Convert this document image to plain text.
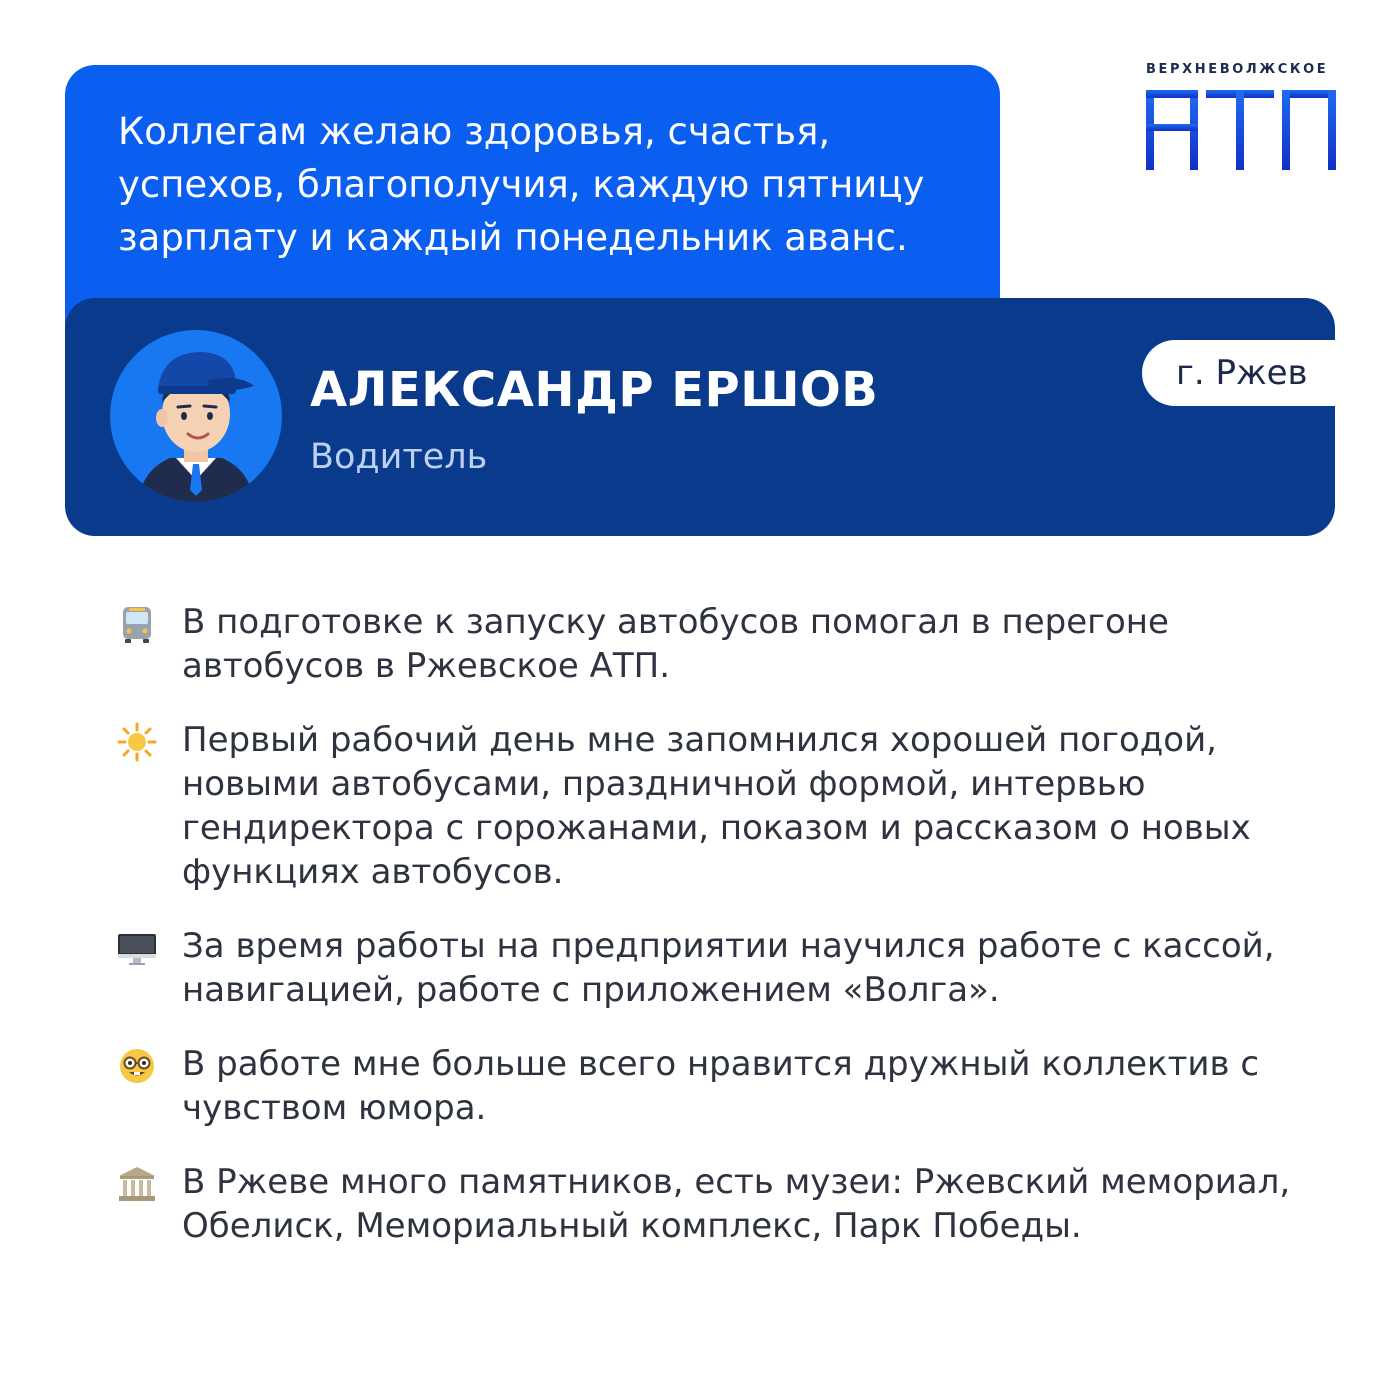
Коллегам желаю здоровья, счастья, успехов, благополучия, каждую пятницу зарплату и каждый понедельник аванс.
АЛЕКСАНДР ЕРШОВ
Водитель
г. Ржев
ВЕРХНЕВОЛЖСКОЕ
В подготовке к запуску автобусов помогал в перегоне автобусов в Ржевское АТП.
Первый рабочий день мне запомнился хорошей погодой, новыми автобусами, праздничной формой, интервью гендиректора с горожанами, показом и рассказом о новых функциях автобусов.
За время работы на предприятии научился работе с кассой, навигацией, работе с приложением «Волга».
В работе мне больше всего нравится дружный коллектив с чувством юмора.
В Ржеве много памятников, есть музеи: Ржевский мемориал, Обелиск, Мемориальный комплекс, Парк Победы.
